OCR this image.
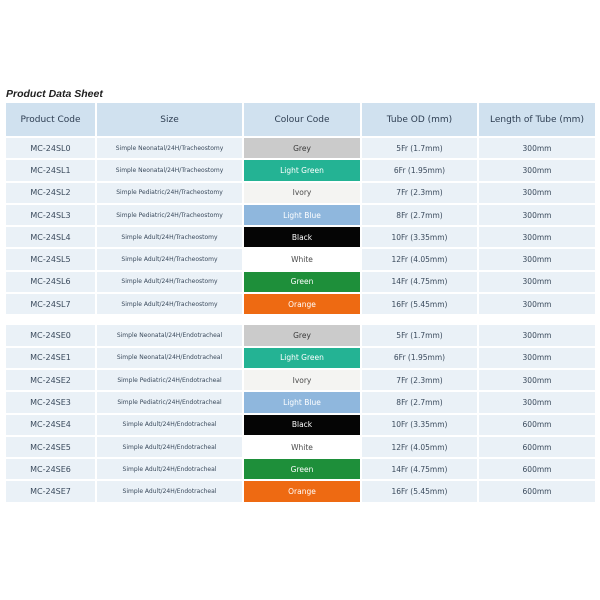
Product Data Sheet
Product Code	Size	Colour Code	Tube OD (mm)	Length of Tube (mm)
MC-24SL0	Simple Neonatal/24H/Tracheostomy	Grey	5Fr (1.7mm)	300mm
MC-24SL1	Simple Neonatal/24H/Tracheostomy	Light Green	6Fr (1.95mm)	300mm
MC-24SL2	Simple Pediatric/24H/Tracheostomy	Ivory	7Fr (2.3mm)	300mm
MC-24SL3	Simple Pediatric/24H/Tracheostomy	Light Blue	8Fr (2.7mm)	300mm
MC-24SL4	Simple Adult/24H/Tracheostomy	Black	10Fr (3.35mm)	300mm
MC-24SL5	Simple Adult/24H/Tracheostomy	White	12Fr (4.05mm)	300mm
MC-24SL6	Simple Adult/24H/Tracheostomy	Green	14Fr (4.75mm)	300mm
MC-24SL7	Simple Adult/24H/Tracheostomy	Orange	16Fr (5.45mm)	300mm
MC-24SE0	Simple Neonatal/24H/Endotracheal	Grey	5Fr (1.7mm)	300mm
MC-24SE1	Simple Neonatal/24H/Endotracheal	Light Green	6Fr (1.95mm)	300mm
MC-24SE2	Simple Pediatric/24H/Endotracheal	Ivory	7Fr (2.3mm)	300mm
MC-24SE3	Simple Pediatric/24H/Endotracheal	Light Blue	8Fr (2.7mm)	300mm
MC-24SE4	Simple Adult/24H/Endotracheal	Black	10Fr (3.35mm)	600mm
MC-24SE5	Simple Adult/24H/Endotracheal	White	12Fr (4.05mm)	600mm
MC-24SE6	Simple Adult/24H/Endotracheal	Green	14Fr (4.75mm)	600mm
MC-24SE7	Simple Adult/24H/Endotracheal	Orange	16Fr (5.45mm)	600mm
